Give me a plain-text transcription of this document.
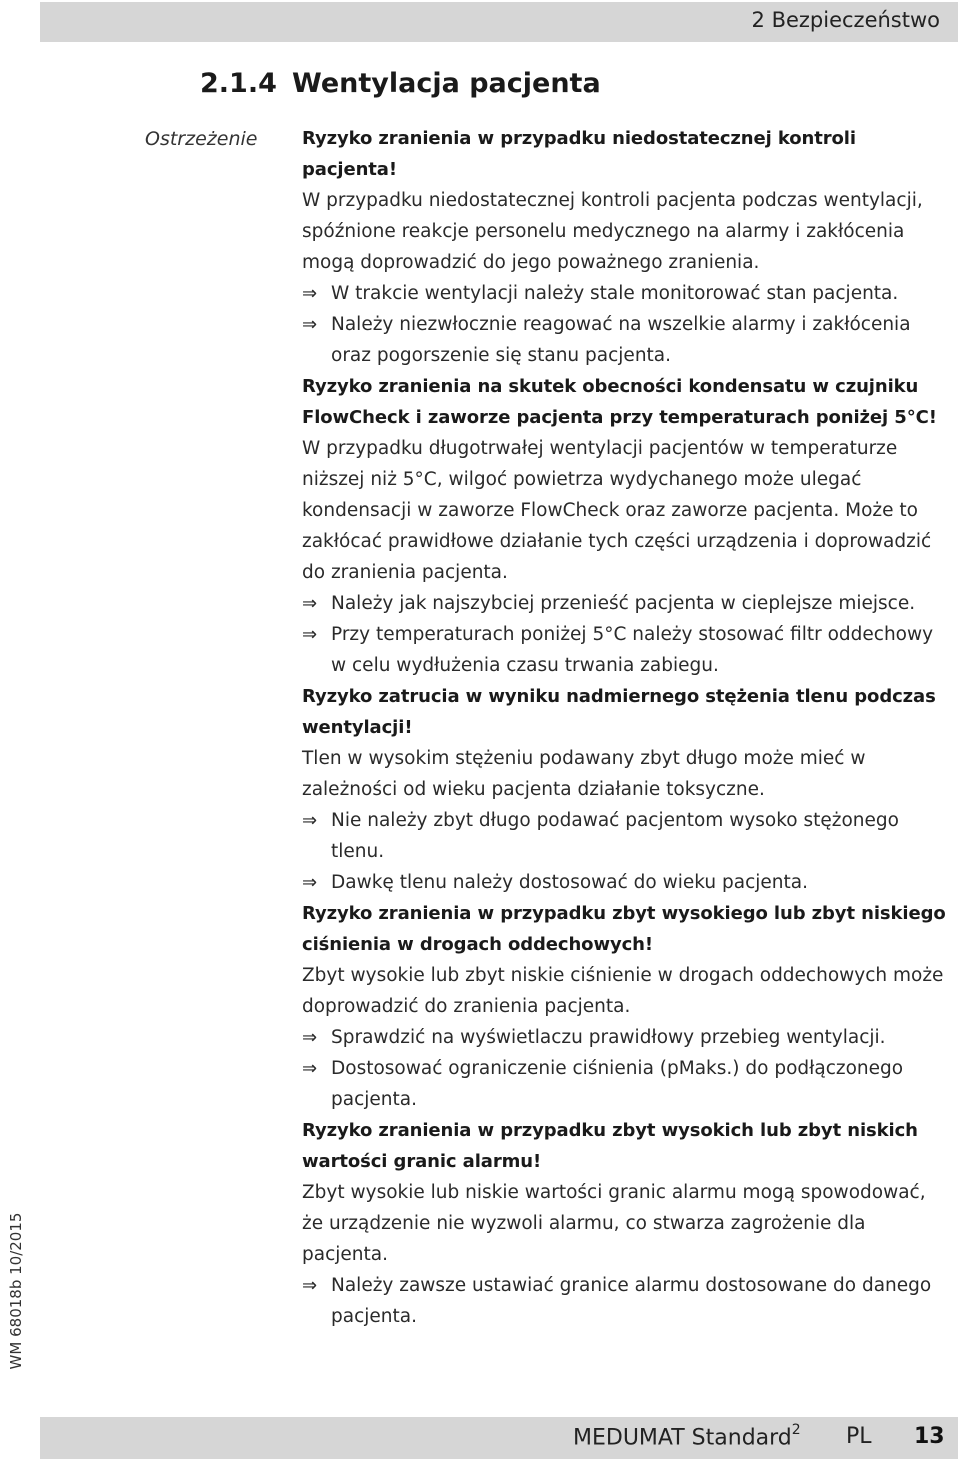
2 Bezpieczeństwo
2.1.4 Wentylacja pacjenta
Ostrzeżenie Ryzyko zranienia w przypadku niedostatecznej kontroli pacjenta!
W przypadku niedostatecznej kontroli pacjenta podczas wentylacji, spóźnione reakcje personelu medycznego na alarmy i zakłócenia mogą doprowadzić do jego poważnego zranienia.
⇒ W trakcie wentylacji należy stale monitorować stan pacjenta.
⇒ Należy niezwłocznie reagować na wszelkie alarmy i zakłócenia oraz pogorszenie się stanu pacjenta.
Ryzyko zranienia na skutek obecności kondensatu w czujniku FlowCheck i zaworze pacjenta przy temperaturach poniżej 5°C!
W przypadku długotrwałej wentylacji pacjentów w temperaturze niższej niż 5°C, wilgoć powietrza wydychanego może ulegać kondensacji w zaworze FlowCheck oraz zaworze pacjenta. Może to zakłócać prawidłowe działanie tych części urządzenia i doprowadzić do zranienia pacjenta.
⇒ Należy jak najszybciej przenieść pacjenta w cieplejsze miejsce.
⇒ Przy temperaturach poniżej 5°C należy stosować filtr oddechowy w celu wydłużenia czasu trwania zabiegu.
Ryzyko zatrucia w wyniku nadmiernego stężenia tlenu podczas wentylacji!
Tlen w wysokim stężeniu podawany zbyt długo może mieć w zależności od wieku pacjenta działanie toksyczne.
⇒ Nie należy zbyt długo podawać pacjentom wysoko stężonego tlenu.
⇒ Dawkę tlenu należy dostosować do wieku pacjenta.
Ryzyko zranienia w przypadku zbyt wysokiego lub zbyt niskiego ciśnienia w drogach oddechowych!
Zbyt wysokie lub zbyt niskie ciśnienie w drogach oddechowych może doprowadzić do zranienia pacjenta.
⇒ Sprawdzić na wyświetlaczu prawidłowy przebieg wentylacji.
⇒ Dostosować ograniczenie ciśnienia (pMaks.) do podłączonego pacjenta.
Ryzyko zranienia w przypadku zbyt wysokich lub zbyt niskich wartości granic alarmu!
Zbyt wysokie lub niskie wartości granic alarmu mogą spowodować, że urządzenie nie wyzwoli alarmu, co stwarza zagrożenie dla pacjenta.
⇒ Należy zawsze ustawiać granice alarmu dostosowane do danego pacjenta.
WM 68018b 10/2015
MEDUMAT Standard$^2$ PL 13
